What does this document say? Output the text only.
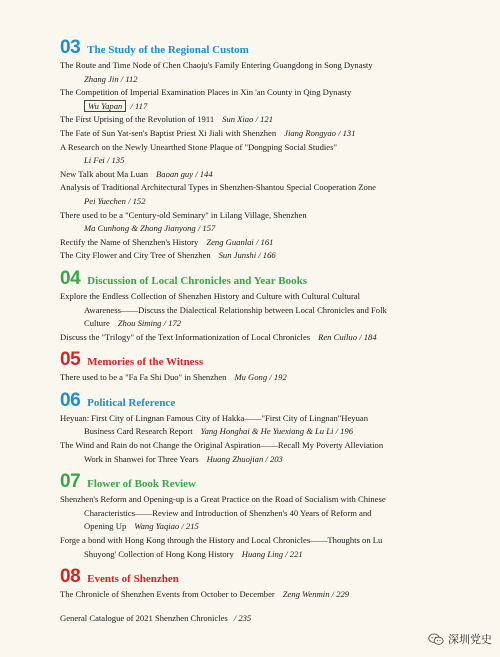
03 The Study of the Regional Custom
The Route and Time Node of Chen Chaoju's Family Entering Guangdong in Song Dynasty
Zhang Jin / 112
The Competition of Imperial Examination Places in Xin 'an County in Qing Dynasty
Wu Yapan / 117
The First Uprising of the Revolution of 1911 Sun Xiao / 121
The Fate of Sun Yat-sen's Baptist Priest Xi Jiali with Shenzhen Jiang Rongyao / 131
A Research on the Newly Unearthed Stone Plaque of "Dongping Social Studies"
Li Fei / 135
New Talk about Ma Luan Baoan guy / 144
Analysis of Traditional Architectural Types in Shenzhen-Shantou Special Cooperation Zone
Pei Yuechen / 152
There used to be a "Century-old Seminary" in Lilang Village, Shenzhen
Ma Cunhong & Zhong Jianyong / 157
Rectify the Name of Shenzhen's History Zeng Guanlai / 161
The City Flower and City Tree of Shenzhen Sun Junshi / 166
04 Discussion of Local Chronicles and Year Books
Explore the Endless Collection of Shenzhen History and Culture with Cultural Cultural
Awareness——Discuss the Dialectical Relationship between Local Chronicles and Folk
Culture Zhou Siming / 172
Discuss the "Trilogy" of the Text Informationization of Local Chronicles Ren Cuiluo / 184
05 Memories of the Witness
There used to be a "Fa Fa Shi Duo" in Shenzhen Mu Gong / 192
06 Political Reference
Heyuan: First City of Lingnan Famous City of Hakka——"First City of Lingnan"Heyuan
Business Card Research Report Yang Honghai & He Yuexiang & Lu Li / 196
The Wind and Rain do not Change the Original Aspiration——Recall My Poverty Alleviation
Work in Shanwei for Three Years Huang Zhuojian / 203
07 Flower of Book Review
Shenzhen's Reform and Opening-up is a Great Practice on the Road of Socialism with Chinese
Characteristics——Review and Introduction of Shenzhen's 40 Years of Reform and
Opening Up Wang Yaqiao / 215
Forge a bond with Hong Kong through the History and Local Chronicles——Thoughts on Lu
Shuyong' Collection of Hong Kong History Huang Ling / 221
08 Events of Shenzhen
The Chronicle of Shenzhen Events from October to December Zeng Wenmin / 229
General Catalogue of 2021 Shenzhen Chronicles / 235
深圳党史
